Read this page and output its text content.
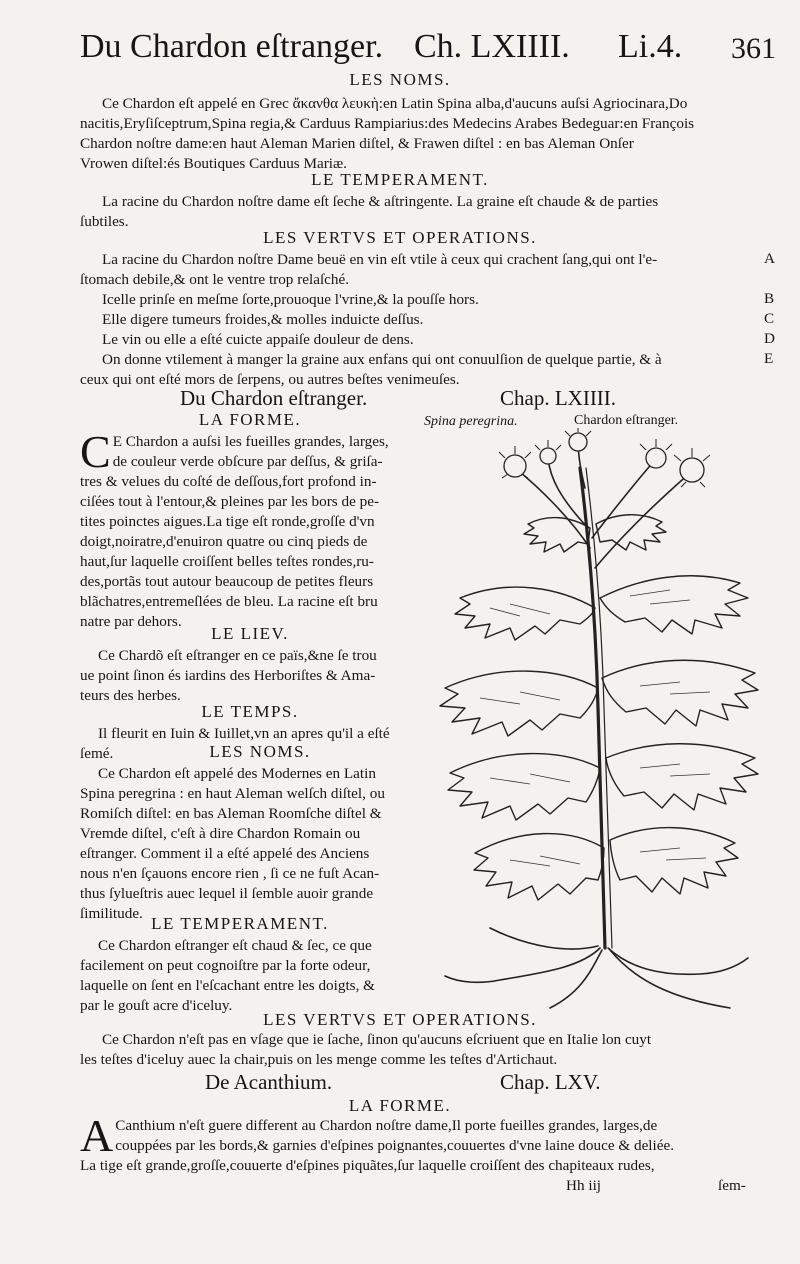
Du Chardon eſtranger. Ch. LXIIII. Li.4. 361
LES NOMS.
Ce Chardon eſt appelé en Grec ἄκανθα λευκὴ:en Latin Spina alba,d'aucuns auſsi Agriocinara,Do
nacitis,Eryſiſceptrum,Spina regia,& Carduus Rampiarius:des Medecins Arabes Bedeguar:en François
Chardon noſtre dame:en haut Aleman Marien diſtel, & Frawen diſtel : en bas Aleman Onſer
Vrowen diſtel:és Boutiques Carduus Mariæ.
LE TEMPERAMENT.
La racine du Chardon noſtre dame eſt ſeche & aſtringente. La graine eſt chaude & de parties
ſubtiles.
LES VERTVS ET OPERATIONS.
La racine du Chardon noſtre Dame beuë en vin eſt vtile à ceux qui crachent ſang,qui ont l'e-
ſtomach debile,& ont le ventre trop relaſché.
Icelle prinſe en meſme ſorte,prouoque l'vrine,& la pouſſe hors.
Elle digere tumeurs froides,& molles induicte deſſus.
Le vin ou elle a eſté cuicte appaiſe douleur de dens.
On donne vtilement à manger la graine aux enfans qui ont conuulſion de quelque partie, & à
ceux qui ont eſté mors de ſerpens, ou autres beſtes venimeuſes.
A
B
C
D
E
Du Chardon eſtranger.	Chap. LXIIII.
Spina peregrina.	Chardon eſtranger.
LA FORME.
C E Chardon a auſsi les fueilles grandes, larges,
de couleur verde obſcure par deſſus, & griſa-
tres & velues du coſté de deſſous,fort profond in-
ciſées tout à l'entour,& pleines par les bors de pe-
tites poinctes aigues.La tige eſt ronde,groſſe d'vn
doigt,noiratre,d'enuiron quatre ou cinq pieds de
haut,ſur laquelle croiſſent belles teſtes rondes,ru-
des,portãs tout autour beaucoup de petites fleurs
blãchatres,entremeſlées de bleu. La racine eſt bru
natre par dehors.
LE LIEV.
Ce Chardõ eſt eſtranger en ce païs,&ne ſe trou
ue point ſinon és iardins des Herboriſtes & Ama-
teurs des herbes.
LE TEMPS.
Il fleurit en Iuin & Iuillet,vn an apres qu'il a eſté
ſemé.	LES NOMS.
Ce Chardon eſt appelé des Modernes en Latin
Spina peregrina : en haut Aleman welſch diſtel, ou
Romiſch diſtel: en bas Aleman Roomſche diſtel &
Vremde diſtel, c'eſt à dire Chardon Romain ou
eſtranger. Comment il a eſté appelé des Anciens
nous n'en ſçauons encore rien , ſi ce ne fuſt Acan-
thus ſylueſtris auec lequel il ſemble auoir grande
ſimilitude.
LE TEMPERAMENT.
Ce Chardon eſtranger eſt chaud & ſec, ce que
facilement on peut cognoiſtre par la forte odeur,
laquelle on ſent en l'eſcachant entre les doigts, &
par le gouſt acre d'iceluy.
LES VERTVS ET OPERATIONS.
Ce Chardon n'eſt pas en vſage que ie ſache, ſinon qu'aucuns eſcriuent que en Italie lon cuyt
les teſtes d'iceluy auec la chair,puis on les menge comme les teſtes d'Artichaut.
De Acanthium.	Chap. LXV.
LA FORME.
A Canthium n'eſt guere different au Chardon noſtre dame,Il porte fueilles grandes, larges,de
couppées par les bords,& garnies d'eſpines poignantes,couuertes d'vne laine douce & deliée.
La tige eſt grande,groſſe,couuerte d'eſpines piquãtes,ſur laquelle croiſſent des chapiteaux rudes,
Hh iij	ſem-
